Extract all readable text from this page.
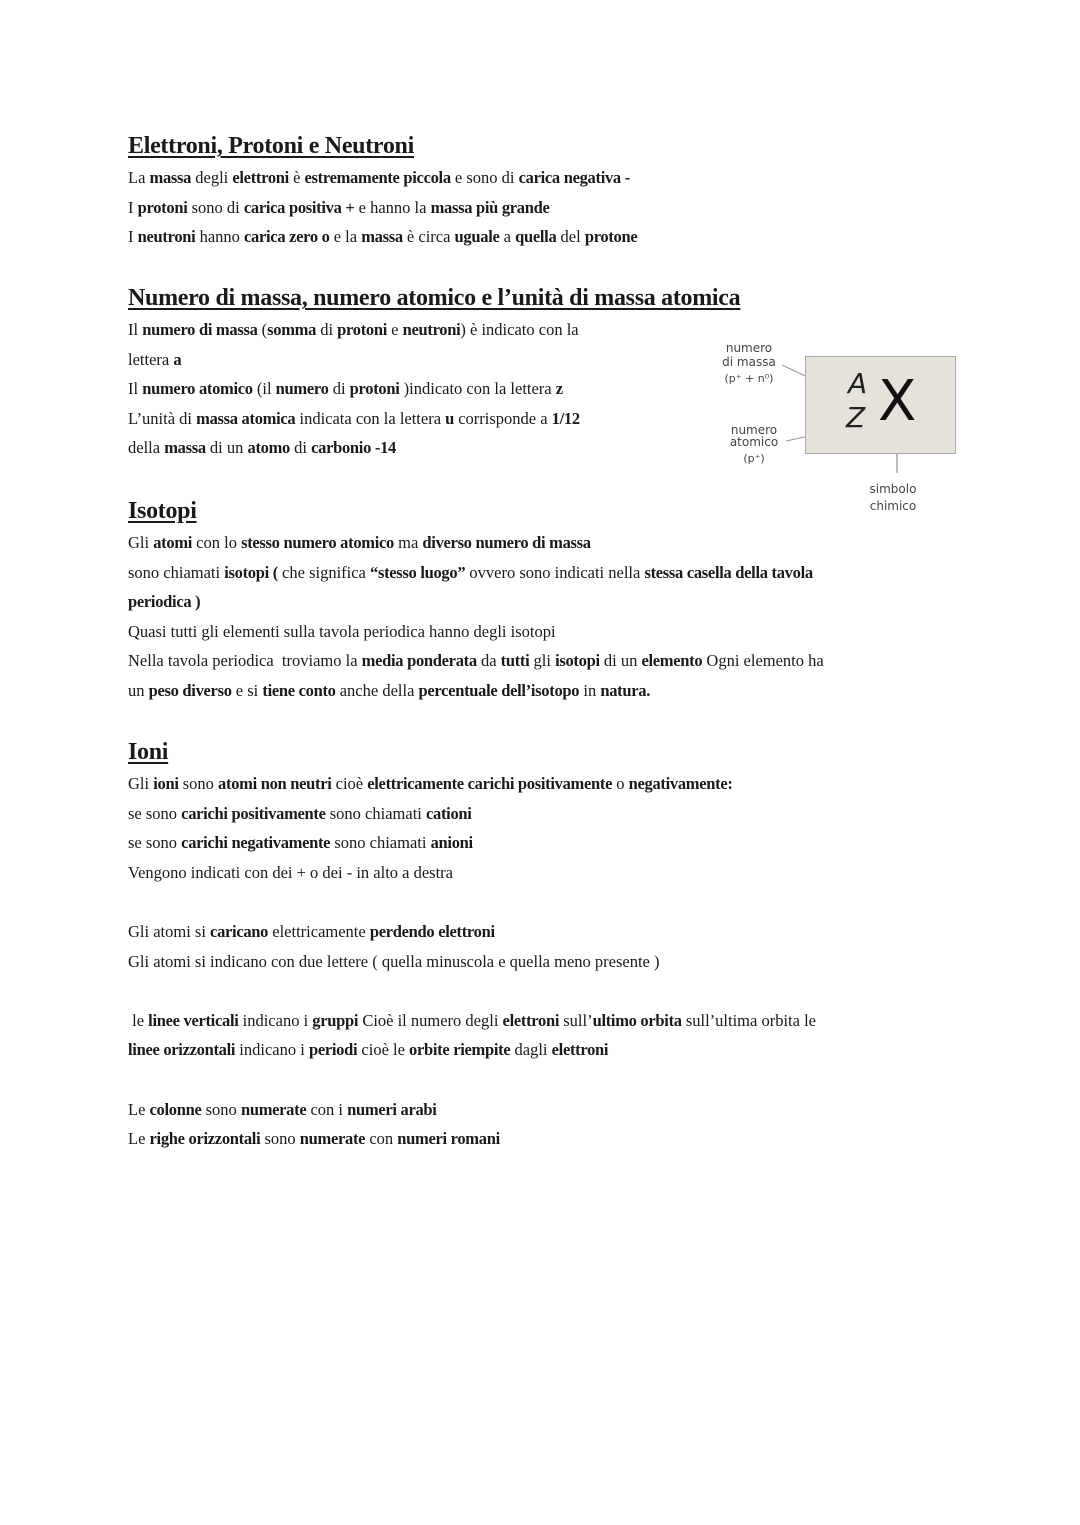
Elettroni, Protoni e Neutroni
La massa degli elettroni è estremamente piccola e sono di carica negativa -
I protoni sono di carica positiva + e hanno la massa più grande
I neutroni hanno carica zero o e la massa è circa uguale a quella del protone
Numero di massa, numero atomico e l’unità di massa atomica
Il numero di massa (somma di protoni e neutroni) è indicato con la
lettera a
Il numero atomico (il numero di protoni )indicato con la lettera z
L’unità di massa atomica indicata con la lettera u corrisponde a 1/12
della massa di un atomo di carbonio -14
Isotopi
Gli atomi con lo stesso numero atomico ma diverso numero di massa
sono chiamati isotopi ( che significa “stesso luogo” ovvero sono indicati nella stessa casella della tavola
periodica )
Quasi tutti gli elementi sulla tavola periodica hanno degli isotopi
Nella tavola periodica  troviamo la media ponderata da tutti gli isotopi di un elemento Ogni elemento ha
un peso diverso e si tiene conto anche della percentuale dell’isotopo in natura.
Ioni
Gli ioni sono atomi non neutri cioè elettricamente carichi positivamente o negativamente:
se sono carichi positivamente sono chiamati cationi
se sono carichi negativamente sono chiamati anioni
Vengono indicati con dei + o dei - in alto a destra
Gli atomi si caricano elettricamente perdendo elettroni
Gli atomi si indicano con due lettere ( quella minuscola e quella meno presente )
le linee verticali indicano i gruppi Cioè il numero degli elettroni sull’ultimo orbita sull’ultima orbita le
linee orizzontali indicano i periodi cioè le orbite riempite dagli elettroni
Le colonne sono numerate con i numeri arabi
Le righe orizzontali sono numerate con numeri romani
A
Z X
numero
di massa
(p⁺ + n⁰)
numero
atomico
(p⁺)
simbolo
chimico
